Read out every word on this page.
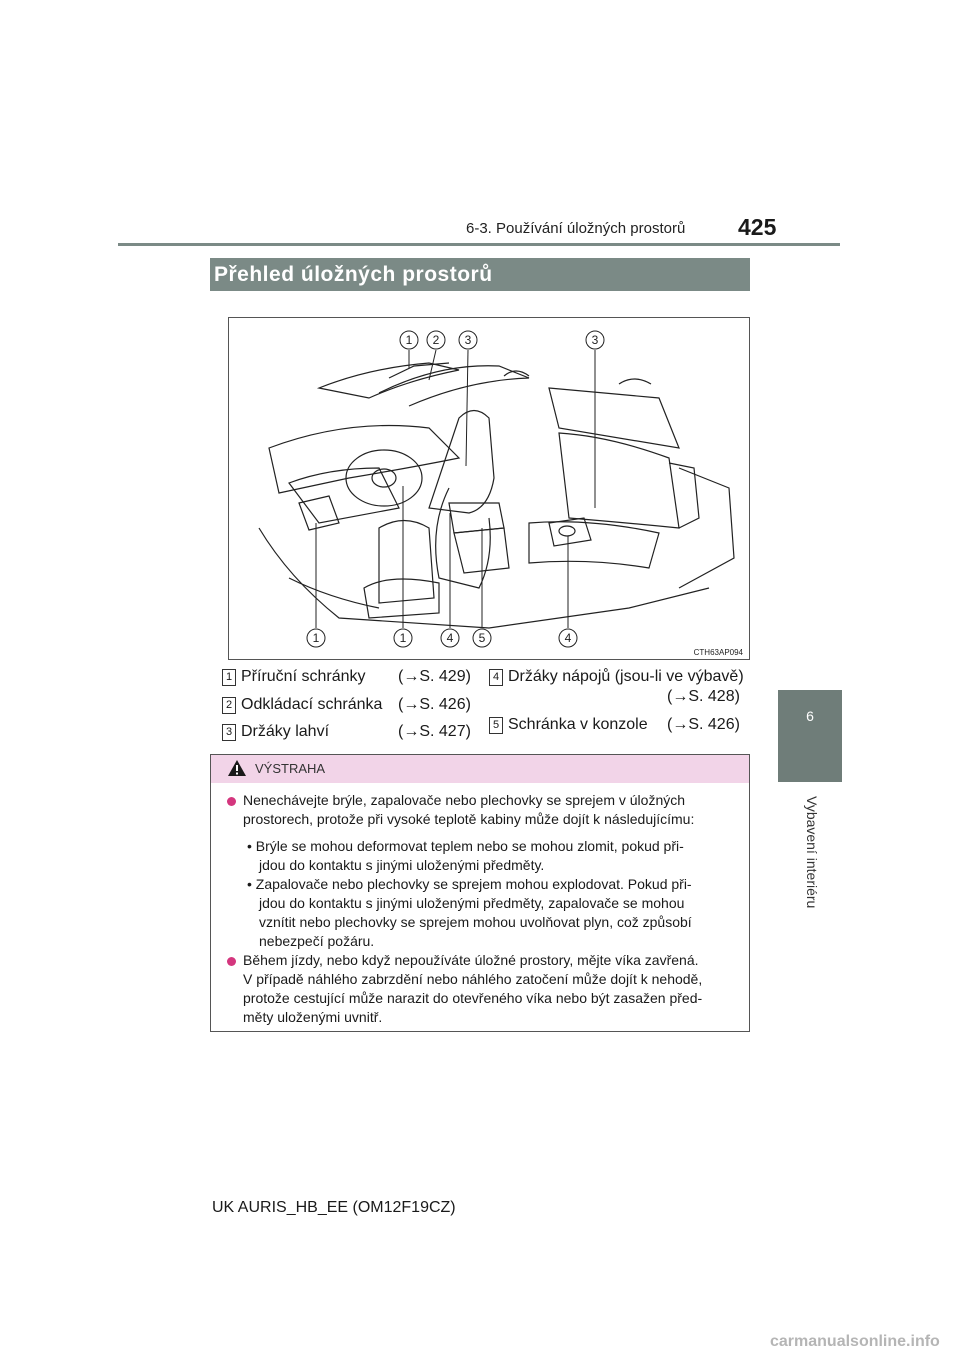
6-3. Používání úložných prostorů 425
6
Vybavení interiéru
Přehled úložných prostorů
1 2 3	3
1	1	4 5	4
CTH63AP094
1 Příruční schránky (→S. 429)
2 Odkládací schránka (→S. 426)
3 Držáky lahví	(→S. 427)
4 Držáky nápojů (jsou-li ve výbavě)
(→S. 428)
5 Schránka v konzole (→S. 426)
VÝSTRAHA
Nenechávejte brýle, zapalovače nebo plechovky se sprejem v úložných
prostorech, protože při vysoké teplotě kabiny může dojít k následujícímu:
• Brýle se mohou deformovat teplem nebo se mohou zlomit, pokud při-
jdou do kontaktu s jinými uloženými předměty.
• Zapalovače nebo plechovky se sprejem mohou explodovat. Pokud při-
jdou do kontaktu s jinými uloženými předměty, zapalovače se mohou
vznítit nebo plechovky se sprejem mohou uvolňovat plyn, což způsobí
nebezpečí požáru.
Během jízdy, nebo když nepoužíváte úložné prostory, mějte víka zavřená.
V případě náhlého zabrzdění nebo náhlého zatočení může dojít k nehodě,
protože cestující může narazit do otevřeného víka nebo být zasažen před-
měty uloženými uvnitř.
UK AURIS_HB_EE (OM12F19CZ)
carmanualsonline.info
